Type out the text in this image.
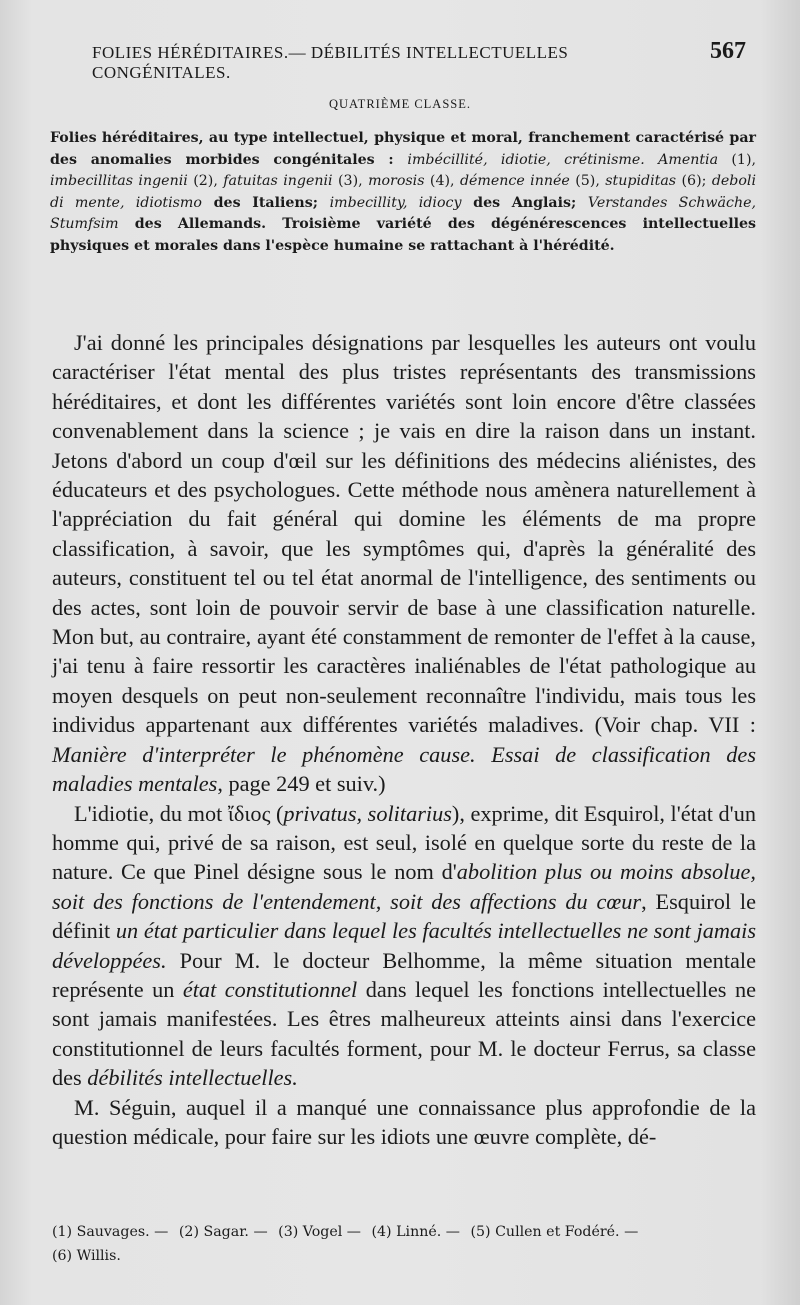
FOLIES HÉRÉDITAIRES.— DÉBILITÉS INTELLECTUELLES CONGÉNITALES.
567
QUATRIÈME CLASSE.
Folies héréditaires, au type intellectuel, physique et moral, franchement caractérisé par des anomalies morbides congénitales : imbécillité, idiotie, crétinisme. Amentia (1), imbecillitas ingenii (2), fatuitas ingenii (3), morosis (4), démence innée (5), stupiditas (6); deboli di mente, idiotismo des Italiens; imbecillity, idiocy des Anglais; Verstandes Schwäche, Stumfsim des Allemands. Troisième variété des dégénérescences intellectuelles physiques et morales dans l'espèce humaine se rattachant à l'hérédité.

J'ai donné les principales désignations par lesquelles les auteurs ont voulu caractériser l'état mental des plus tristes représentants des transmissions héréditaires, et dont les différentes variétés sont loin encore d'être classées convenablement dans la science ; je vais en dire la raison dans un instant. Jetons d'abord un coup d'œil sur les définitions des médecins aliénistes, des éducateurs et des psychologues. Cette méthode nous amènera naturellement à l'appréciation du fait général qui domine les éléments de ma propre classification, à savoir, que les symptômes qui, d'après la généralité des auteurs, constituent tel ou tel état anormal de l'intelligence, des sentiments ou des actes, sont loin de pouvoir servir de base à une classification naturelle. Mon but, au contraire, ayant été constamment de remonter de l'effet à la cause, j'ai tenu à faire ressortir les caractères inaliénables de l'état pathologique au moyen desquels on peut non-seulement reconnaître l'individu, mais tous les individus appartenant aux différentes variétés maladives. (Voir chap. VII : Manière d'interpréter le phénomène cause. Essai de classification des maladies mentales, page 249 et suiv.)

L'idiotie, du mot ἴδιος (privatus, solitarius), exprime, dit Esquirol, l'état d'un homme qui, privé de sa raison, est seul, isolé en quelque sorte du reste de la nature. Ce que Pinel désigne sous le nom d'abolition plus ou moins absolue, soit des fonctions de l'entendement, soit des affections du cœur, Esquirol le définit un état particulier dans lequel les facultés intellectuelles ne sont jamais développées. Pour M. le docteur Belhomme, la même situation mentale représente un état constitutionnel dans lequel les fonctions intellectuelles ne sont jamais manifestées. Les êtres malheureux atteints ainsi dans l'exercice constitutionnel de leurs facultés forment, pour M. le docteur Ferrus, sa classe des débilités intellectuelles.

M. Séguin, auquel il a manqué une connaissance plus approfondie de la question médicale, pour faire sur les idiots une œuvre complète, dé-

(1) Sauvages. — (2) Sagar. — (3) Vogel — (4) Linné. — (5) Cullen et Fodéré. —
(6) Willis.
